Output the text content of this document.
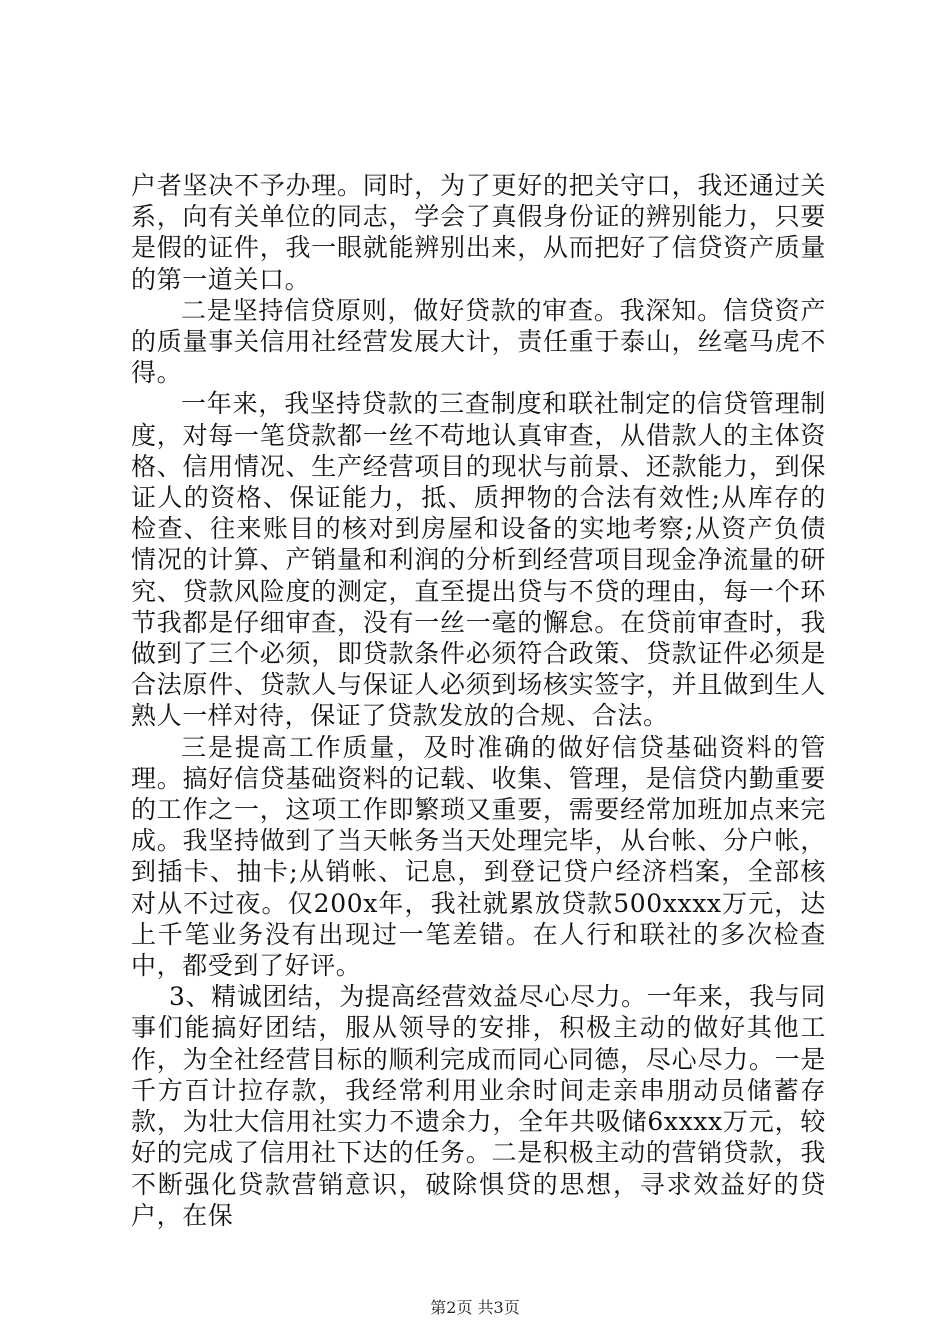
户者坚决不予办理。同时，为了更好的把关守口，我还通过关系，向有关单位的同志，学会了真假身份证的辨别能力，只要是假的证件，我一眼就能辨别出来，从而把好了信贷资产质量的第一道关口。

二是坚持信贷原则，做好贷款的审查。我深知。信贷资产的质量事关信用社经营发展大计，责任重于泰山，丝毫马虎不得。

一年来，我坚持贷款的三查制度和联社制定的信贷管理制度，对每一笔贷款都一丝不苟地认真审查，从借款人的主体资格、信用情况、生产经营项目的现状与前景、还款能力，到保证人的资格、保证能力，抵、质押物的合法有效性;从库存的检查、往来账目的核对到房屋和设备的实地考察;从资产负债情况的计算、产销量和利润的分析到经营项目现金净流量的研究、贷款风险度的测定，直至提出贷与不贷的理由，每一个环节我都是仔细审查，没有一丝一毫的懈怠。在贷前审查时，我做到了三个必须，即贷款条件必须符合政策、贷款证件必须是合法原件、贷款人与保证人必须到场核实签字，并且做到生人熟人一样对待，保证了贷款发放的合规、合法。

三是提高工作质量，及时准确的做好信贷基础资料的管理。搞好信贷基础资料的记载、收集、管理，是信贷内勤重要的工作之一，这项工作即繁琐又重要，需要经常加班加点来完成。我坚持做到了当天帐务当天处理完毕，从台帐、分户帐，到插卡、抽卡;从销帐、记息，到登记贷户经济档案，全部核对从不过夜。仅200x年，我社就累放贷款500xxxx万元，达上千笔业务没有出现过一笔差错。在人行和联社的多次检查中，都受到了好评。

3、精诚团结，为提高经营效益尽心尽力。一年来，我与同事们能搞好团结，服从领导的安排，积极主动的做好其他工作，为全社经营目标的顺利完成而同心同德，尽心尽力。一是千方百计拉存款，我经常利用业余时间走亲串朋动员储蓄存款，为壮大信用社实力不遗余力，全年共吸储6xxxx万元，较好的完成了信用社下达的任务。二是积极主动的营销贷款，我不断强化贷款营销意识，破除惧贷的思想，寻求效益好的贷户，在保

第2页 共3页
